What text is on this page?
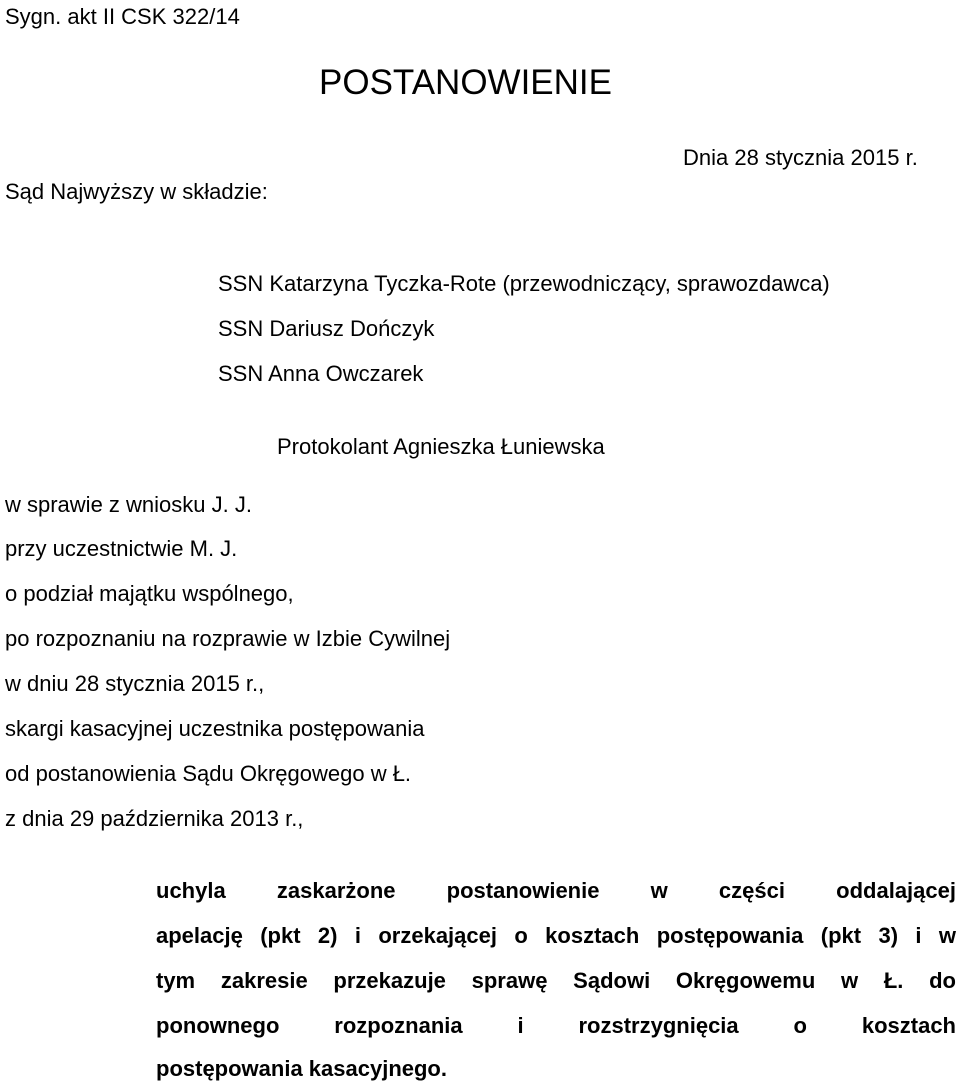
Sygn. akt II CSK 322/14
POSTANOWIENIE
Dnia 28 stycznia 2015 r.
Sąd Najwyższy w składzie:
SSN Katarzyna Tyczka-Rote (przewodniczący, sprawozdawca)
SSN Dariusz Dończyk
SSN Anna Owczarek
Protokolant Agnieszka Łuniewska
w sprawie z wniosku J. J.
przy uczestnictwie M. J.
o podział majątku wspólnego,
po rozpoznaniu na rozprawie w Izbie Cywilnej
w dniu 28 stycznia 2015 r.,
skargi kasacyjnej uczestnika postępowania
od postanowienia Sądu Okręgowego w Ł.
z dnia 29 października 2013 r.,
uchyla zaskarżone postanowienie w części oddalającej
apelację (pkt 2) i orzekającej o kosztach postępowania (pkt 3) i w
tym zakresie przekazuje sprawę Sądowi Okręgowemu w Ł. do
ponownego rozpoznania i rozstrzygnięcia o kosztach
postępowania kasacyjnego.
